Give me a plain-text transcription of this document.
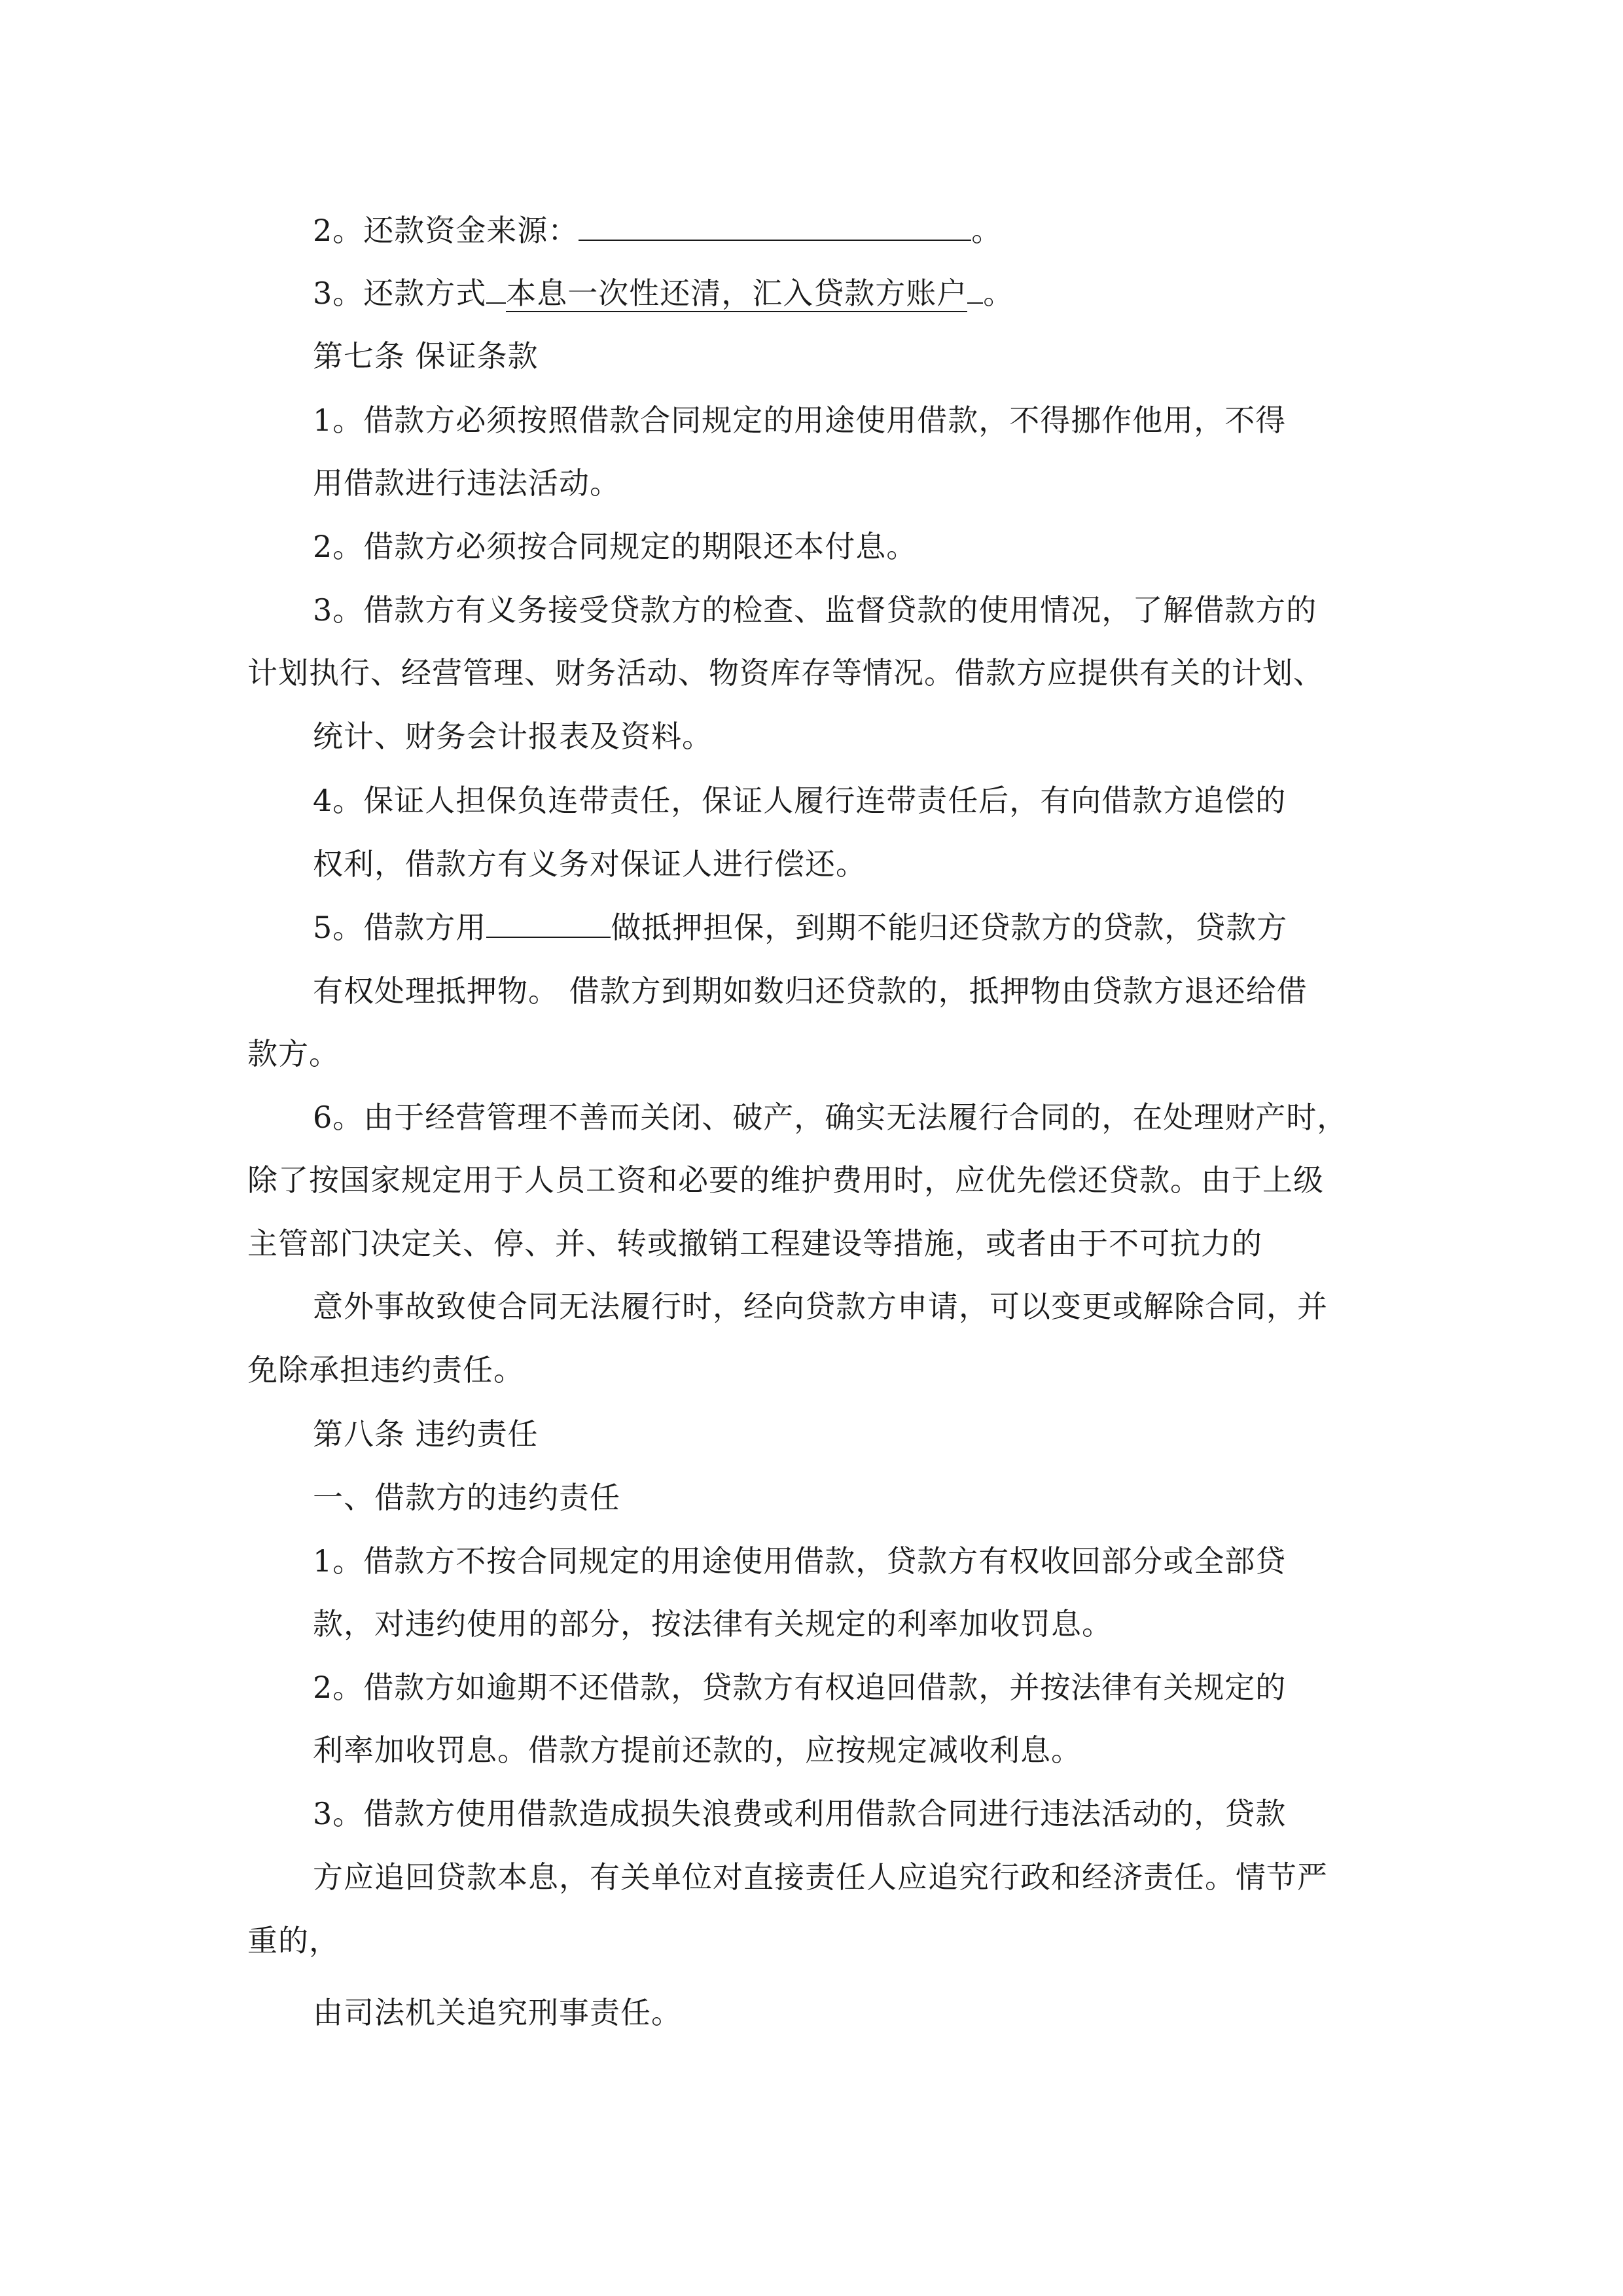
2。还款资金来源：	。
3。还款方式 本息一次性还清，汇入贷款方账户 。
第七条 保证条款
1。借款方必须按照借款合同规定的用途使用借款，不得挪作他用，不得
用借款进行违法活动。
2。借款方必须按合同规定的期限还本付息。
3。借款方有义务接受贷款方的检查、监督贷款的使用情况，了解借款方的
计划执行、经营管理、财务活动、物资库存等情况。借款方应提供有关的计划、
统计、财务会计报表及资料。
4。保证人担保负连带责任，保证人履行连带责任后，有向借款方追偿的
权利，借款方有义务对保证人进行偿还。
5。借款方用	做抵押担保，到期不能归还贷款方的贷款，贷款方
有权处理抵押物。 借款方到期如数归还贷款的，抵押物由贷款方退还给借
款方。
6。由于经营管理不善而关闭、破产，确实无法履行合同的，在处理财产时，
除了按国家规定用于人员工资和必要的维护费用时，应优先偿还贷款。由于上级
主管部门决定关、停、并、转或撤销工程建设等措施，或者由于不可抗力的
意外事故致使合同无法履行时，经向贷款方申请，可以变更或解除合同，并
免除承担违约责任。
第八条 违约责任
一、借款方的违约责任
1。借款方不按合同规定的用途使用借款，贷款方有权收回部分或全部贷
款，对违约使用的部分，按法律有关规定的利率加收罚息。
2。借款方如逾期不还借款，贷款方有权追回借款，并按法律有关规定的
利率加收罚息。借款方提前还款的，应按规定减收利息。
3。借款方使用借款造成损失浪费或利用借款合同进行违法活动的，贷款
方应追回贷款本息，有关单位对直接责任人应追究行政和经济责任。情节严
重的，
由司法机关追究刑事责任。
